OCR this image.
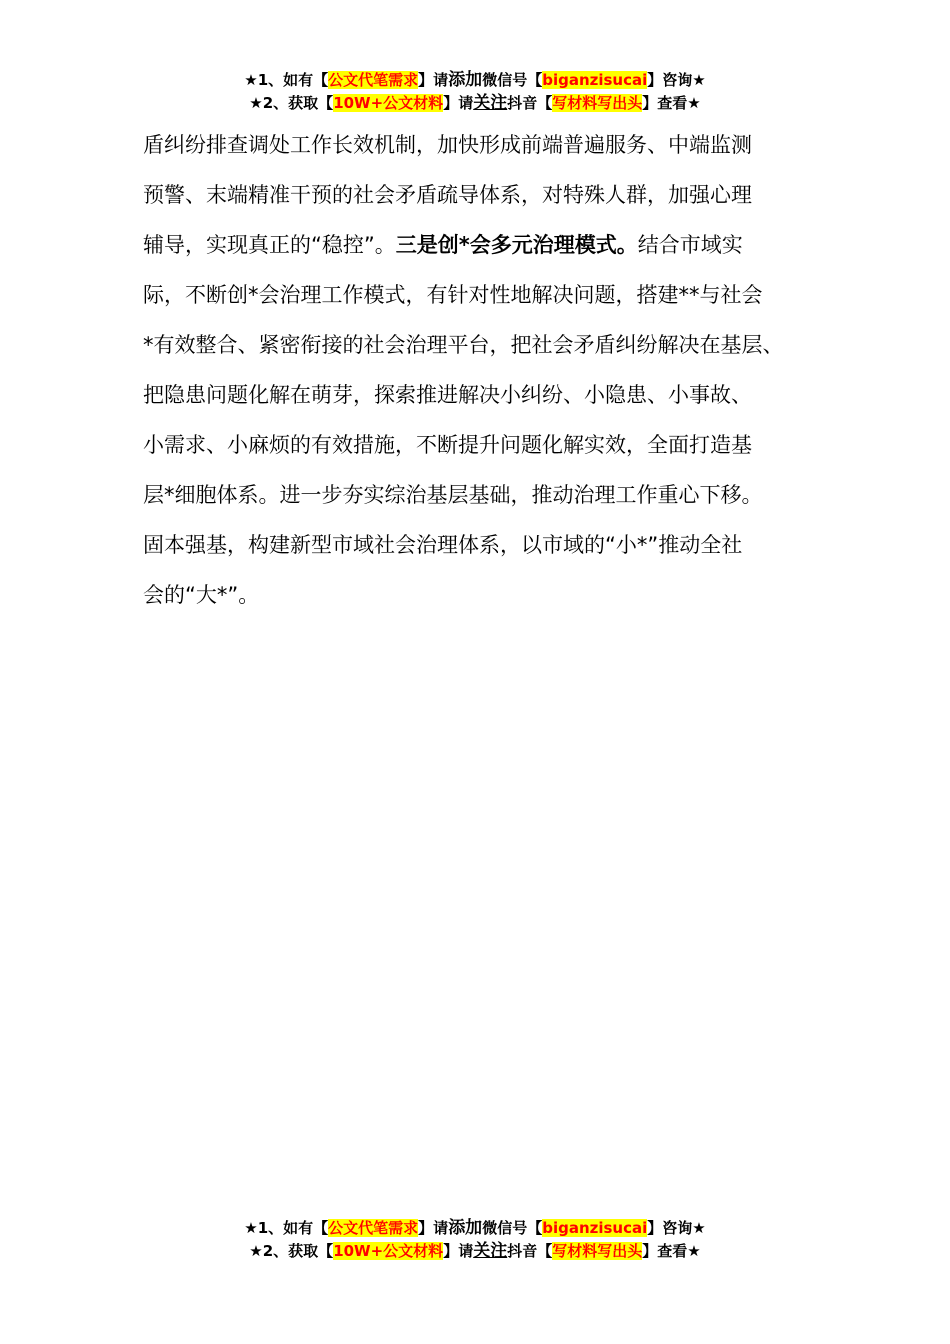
★1、如有【公文代笔需求】请添加微信号【biganzisucai】咨询★
★2、获取【10W+公文材料】请关注抖音【写材料写出头】查看★
盾纠纷排查调处工作长效机制，加快形成前端普遍服务、中端监测
预警、末端精准干预的社会矛盾疏导体系，对特殊人群，加强心理
辅导，实现真正的“稳控”。三是创*会多元治理模式。结合市域实
际，不断创*会治理工作模式，有针对性地解决问题，搭建**与社会
*有效整合、紧密衔接的社会治理平台，把社会矛盾纠纷解决在基层、
把隐患问题化解在萌芽，探索推进解决小纠纷、小隐患、小事故、
小需求、小麻烦的有效措施，不断提升问题化解实效，全面打造基
层*细胞体系。进一步夯实综治基层基础，推动治理工作重心下移。
固本强基，构建新型市域社会治理体系，以市域的“小*”推动全社
会的“大*”。
★1、如有【公文代笔需求】请添加微信号【biganzisucai】咨询★
★2、获取【10W+公文材料】请关注抖音【写材料写出头】查看★
